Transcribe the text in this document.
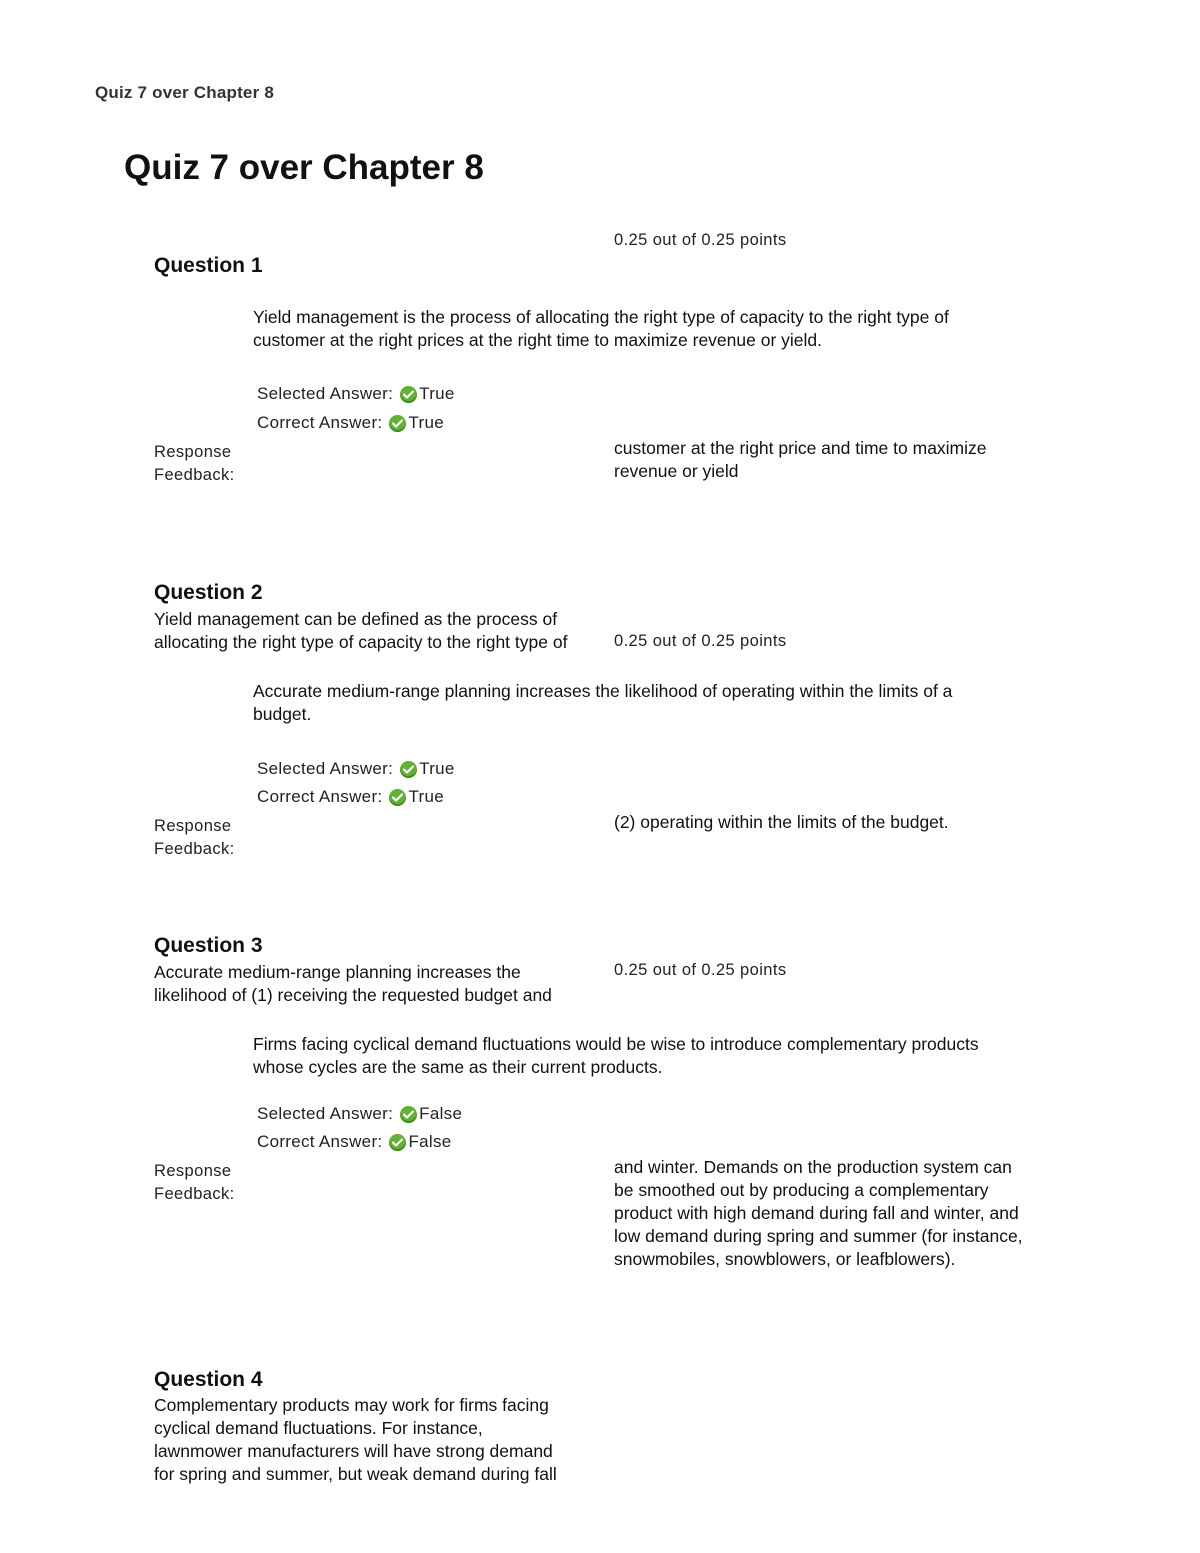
Quiz 7 over Chapter 8
Quiz 7 over Chapter 8
0.25 out of 0.25 points
Question 1
Yield management is the process of allocating the right type of capacity to the right type of
customer at the right prices at the right time to maximize revenue or yield.
Selected Answer: True
Correct Answer: True
Response
Feedback:
customer at the right price and time to maximize
revenue or yield
Question 2
Yield management can be defined as the process of
allocating the right type of capacity to the right type of	0.25 out of 0.25 points
Accurate medium-range planning increases the likelihood of operating within the limits of a
budget.
Selected Answer: True
Correct Answer: True
Response
Feedback:
(2) operating within the limits of the budget.
Question 3
Accurate medium-range planning increases the
likelihood of (1) receiving the requested budget and
0.25 out of 0.25 points
Firms facing cyclical demand fluctuations would be wise to introduce complementary products
whose cycles are the same as their current products.
Selected Answer: False
Correct Answer: False
Response
Feedback:
and winter. Demands on the production system can
be smoothed out by producing a complementary
product with high demand during fall and winter, and
low demand during spring and summer (for instance,
snowmobiles, snowblowers, or leafblowers).
Question 4
Complementary products may work for firms facing
cyclical demand fluctuations. For instance,
lawnmower manufacturers will have strong demand
for spring and summer, but weak demand during fall
